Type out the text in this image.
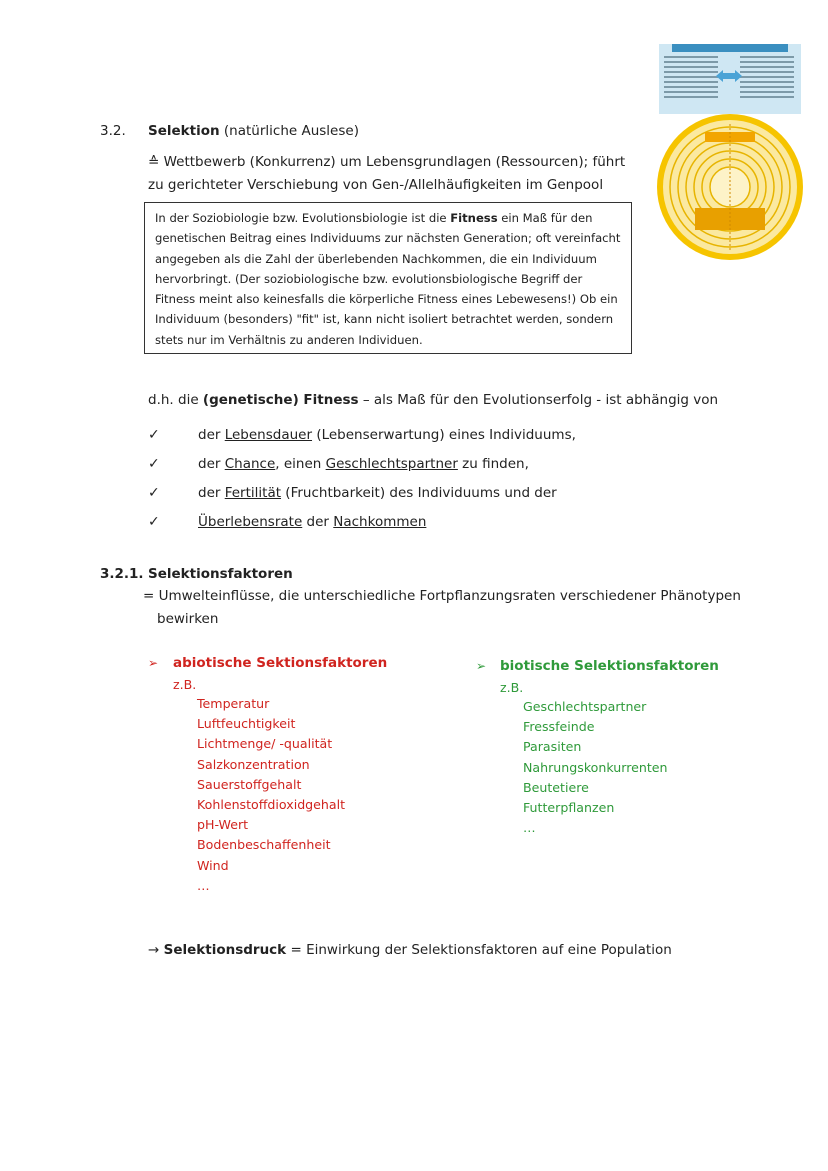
3.2. Selektion (natürliche Auslese)
≙ Wettbewerb (Konkurrenz) um Lebensgrundlagen (Ressourcen); führt
zu gerichteter Verschiebung von Gen-/Allelhäufigkeiten im Genpool
In der Soziobiologie bzw. Evolutionsbiologie ist die Fitness ein Maß für den genetischen Beitrag eines Individuums zur nächsten Generation; oft vereinfacht angegeben als die Zahl der überlebenden Nachkommen, die ein Individuum hervorbringt. (Der soziobiologische bzw. evolutionsbiologische Begriff der Fitness meint also keinesfalls die körperliche Fitness eines Lebewesens!) Ob ein Individuum (besonders) "fit" ist, kann nicht isoliert betrachtet werden, sondern stets nur im Verhältnis zu anderen Individuen.
d.h. die (genetische) Fitness – als Maß für den Evolutionserfolg - ist abhängig von
✓	der Lebensdauer (Lebenserwartung) eines Individuums,
✓	der Chance, einen Geschlechtspartner zu finden,
✓	der Fertilität (Fruchtbarkeit) des Individuums und der
✓	Überlebensrate der Nachkommen
3.2.1. Selektionsfaktoren
= Umwelteinflüsse, die unterschiedliche Fortpflanzungsraten verschiedener Phänotypen
bewirken
➢ abiotische Sektionsfaktoren
z.B.
Temperatur
Luftfeuchtigkeit
Lichtmenge/ -qualität
Salzkonzentration
Sauerstoffgehalt
Kohlenstoffdioxidgehalt
pH-Wert
Bodenbeschaffenheit
Wind
…
➢ biotische Selektionsfaktoren
z.B.
Geschlechtspartner
Fressfeinde
Parasiten
Nahrungskonkurrenten
Beutetiere
Futterpflanzen
…
→ Selektionsdruck = Einwirkung der Selektionsfaktoren auf eine Population
